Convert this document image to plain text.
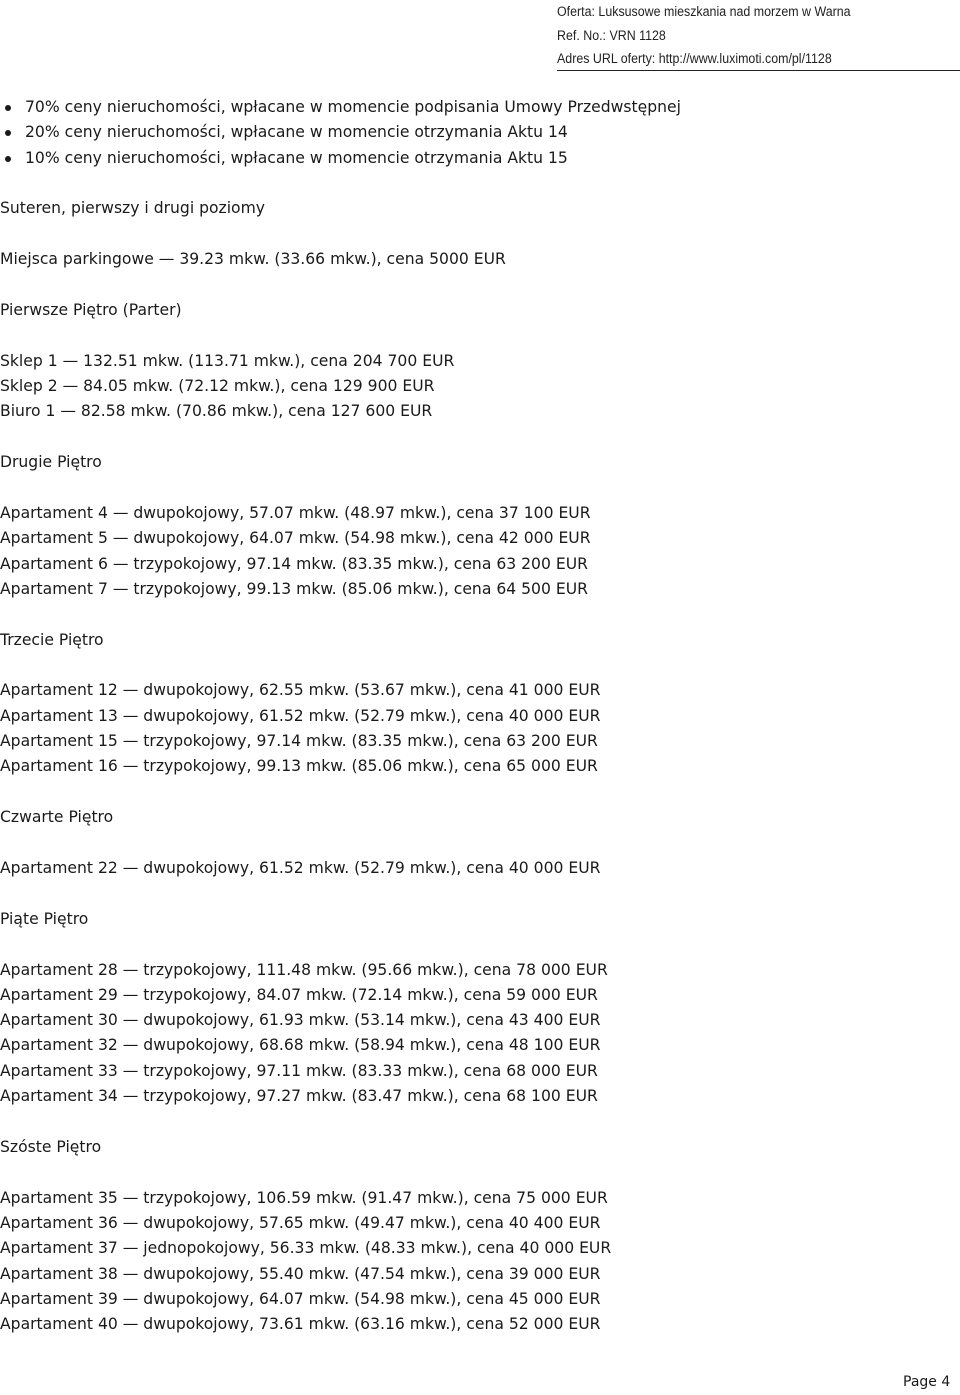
Oferta: Luksusowe mieszkania nad morzem w Warna
Ref. No.: VRN 1128
Adres URL oferty: http://www.luximoti.com/pl/1128
70% ceny nieruchomości, wpłacane w momencie podpisania Umowy Przedwstępnej
20% ceny nieruchomości, wpłacane w momencie otrzymania Aktu 14
10% ceny nieruchomości, wpłacane w momencie otrzymania Aktu 15
Suteren, pierwszy i drugi poziomy
Miejsca parkingowe — 39.23 mkw. (33.66 mkw.), cena 5000 EUR
Pierwsze Piętro (Parter)
Sklep 1 — 132.51 mkw. (113.71 mkw.), cena 204 700 EUR
Sklep 2 — 84.05 mkw. (72.12 mkw.), cena 129 900 EUR
Biuro 1 — 82.58 mkw. (70.86 mkw.), cena 127 600 EUR
Drugie Piętro
Apartament 4 — dwupokojowy, 57.07 mkw. (48.97 mkw.), cena 37 100 EUR
Apartament 5 — dwupokojowy, 64.07 mkw. (54.98 mkw.), cena 42 000 EUR
Apartament 6 — trzypokojowy, 97.14 mkw. (83.35 mkw.), cena 63 200 EUR
Apartament 7 — trzypokojowy, 99.13 mkw. (85.06 mkw.), cena 64 500 EUR
Trzecie Piętro
Apartament 12 — dwupokojowy, 62.55 mkw. (53.67 mkw.), cena 41 000 EUR
Apartament 13 — dwupokojowy, 61.52 mkw. (52.79 mkw.), cena 40 000 EUR
Apartament 15 — trzypokojowy, 97.14 mkw. (83.35 mkw.), cena 63 200 EUR
Apartament 16 — trzypokojowy, 99.13 mkw. (85.06 mkw.), cena 65 000 EUR
Czwarte Piętro
Apartament 22 — dwupokojowy, 61.52 mkw. (52.79 mkw.), cena 40 000 EUR
Piąte Piętro
Apartament 28 — trzypokojowy, 111.48 mkw. (95.66 mkw.), cena 78 000 EUR
Apartament 29 — trzypokojowy, 84.07 mkw. (72.14 mkw.), cena 59 000 EUR
Apartament 30 — dwupokojowy, 61.93 mkw. (53.14 mkw.), cena 43 400 EUR
Apartament 32 — dwupokojowy, 68.68 mkw. (58.94 mkw.), cena 48 100 EUR
Apartament 33 — trzypokojowy, 97.11 mkw. (83.33 mkw.), cena 68 000 EUR
Apartament 34 — trzypokojowy, 97.27 mkw. (83.47 mkw.), cena 68 100 EUR
Szóste Piętro
Apartament 35 — trzypokojowy, 106.59 mkw. (91.47 mkw.), cena 75 000 EUR
Apartament 36 — dwupokojowy, 57.65 mkw. (49.47 mkw.), cena 40 400 EUR
Apartament 37 — jednopokojowy, 56.33 mkw. (48.33 mkw.), cena 40 000 EUR
Apartament 38 — dwupokojowy, 55.40 mkw. (47.54 mkw.), cena 39 000 EUR
Apartament 39 — dwupokojowy, 64.07 mkw. (54.98 mkw.), cena 45 000 EUR
Apartament 40 — dwupokojowy, 73.61 mkw. (63.16 mkw.), cena 52 000 EUR
Page 4
